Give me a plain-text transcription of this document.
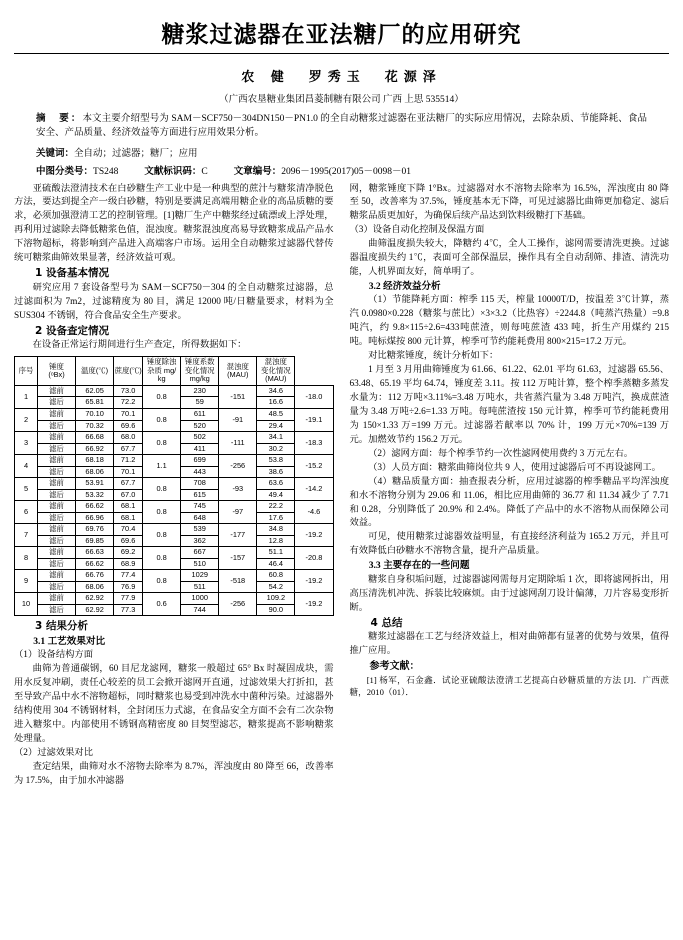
糖浆过滤器在亚法糖厂的应用研究
农 健　罗秀玉　花源泽
（广西农垦糖业集团昌菱制糖有限公司 广西 上思 535514）
摘　要：本文主要介绍型号为 SAM－SCF750－304DN150－PN1.0 的全自动糖浆过滤器在亚法糖厂的实际应用情况，去除杂质、节能降耗、食品安全、产品质量、经济效益等方面进行应用效果分析。
关键词：全自动；过滤器；糖厂；应用
中图分类号：TS248	文献标识码：C	文章编号：2096－1995(2017)05－0098－01

亚硫酸法澄清技术在白砂糖生产工业中是一种典型的蔗汁与糖浆清净脱色方法，要达到提全产一级白砂糖，特别是要满足高端用糖企业的高品质糖的要求，必须加强澄清工艺的控制管理。[1]糖厂生产中糖浆经过硫漂或上浮处理，再利用过滤除去降低糖浆色值，混浊度。糖浆混浊度高易导致糖浆成品产品水下溶物超标，将影响到产品进入高端客户市场。运用全自动糖浆过滤器代替传统可糖浆曲筛效果显著，经济效益可观。

1 设备基本情况

研究应用 7 套设备型号为 SAM－SCF750－304 的全自动糖浆过滤器，总过滤面积为 7m2，过滤精度为 80 目，满足 12000 吨/日糖量要求，材料为全 SUS304 不锈钢，符合食品安全生产要求。

2 设备查定情况

在设备正常运行期间进行生产查定，所得数据如下：

序号	锤度
(ᵒBx)	温度(℃)	蔗度(℃)	锤度除浊
杂质 mg/
kg	锤度系数
变化情况
mg/kg	混浊度
(MAU)	混浊度
变化情况
(MAU)	
1	滤前	62.05	73.0	0.8	230	-151	34.6	-18.0
	滤后	65.81	72.2		59		16.6	
2	滤前	70.10	70.1	0.8	611	-91	48.5	-19.1
	滤后	70.32	69.6		520		29.4	
3	滤前	66.68	68.0	0.8	502	-111	34.1	-18.3
	滤后	66.92	67.7		411		30.2	
4	滤前	68.18	71.2	1.1	699	-256	53.8	-15.2
	滤后	68.06	70.1		443		38.6	
5	滤前	53.91	67.7	0.8	708	-93	63.6	-14.2
	滤后	53.32	67.0		615		49.4	
6	滤前	66.62	68.1	0.8	745	-97	22.2	-4.6
	滤后	66.96	68.1		648		17.6	
7	滤前	69.76	70.4	0.8	539	-177	34.8	-19.2
	滤后	69.85	69.6		362		12.8	
8	滤前	66.63	69.2	0.8	667	-157	51.1	-20.8
	滤后	66.62	68.9		510		46.4	
9	滤前	66.76	77.4	0.8	1029	-518	60.8	-19.2
	滤后	68.06	76.9		511		54.2	
10	滤前	62.92	77.9	0.6	1000	-256	109.2	-19.2
	滤后	62.92	77.3		744		90.0	

3 结果分析

3.1 工艺效果对比

（1）设备结构方面

曲筛为普通碳钢，60 目尼龙滤网，糖浆一般超过 65° Bx 时凝固成块，需用水反复冲刷，责任心较差的员工会掀开滤网开直通，过滤效果大打折扣，甚至导致产品中水不溶物超标，同时糖浆也易受到冲洗水中菌种污染。过滤器外结构使用 304 不锈钢材料，全封闭压力式滤，在食品安全方面不会有二次杂物进入糖浆中。内部使用不锈钢高精密度 80 目契型滤芯，糖浆提高不影响糖浆处理量。

（2）过滤效果对比

查定结果，曲筛对水不溶物去除率为 8.7%，浑浊度由 80 降至 66，改善率为 17.5%，由于加水冲滤器

网，糖浆锤度下降 1°Bx。过滤器对水不溶物去除率为 16.5%，浑浊度由 80 降至 50，改善率为 37.5%，锤度基本无下降，可见过滤器比曲筛更加稳定、滤后糖浆品质更加好，为确保后续产品达到饮料级糖打下基础。

（3）设备自动化控制及保温方面

曲筛温度损失较大，降糖约 4℃，全人工操作，滤网需要清洗更换。过滤器温度损失约 1℃，表面可全部保温层，操作具有全自动刮筛、排渣、清洗功能，人机界面友好，简单明了。

3.2 经济效益分析

（1）节能降耗方面：榨季 115 天，榨量 10000T/D，按温差 3℃计算，蒸汽 0.0980×0.228（糖浆与蔗比）×3×3.2（比热容）÷2244.8（吨蒸汽热量）=9.8 吨汽，约 9.8×115÷2.6=433吨蔗渣，则每吨蔗渣 433 吨，折生产用煤约 215 吨。吨标煤按 800 元计算，榨季可节约能耗费用 800×215=17.2 万元。

对比糖浆锤度，统计分析如下：

1 月至 3 月用曲筛锤度为 61.66、61.22、62.01 平均 61.63，过滤器 65.56、63.48、65.19 平均 64.74，锤度差 3.11。按 112 万吨计算，整个榨季蒸糖多蒸发水量为：112 万吨×3.11%=3.48 万吨水，共省蒸汽量为 3.48 万吨汽，换成蔗渣量为 3.48 万吨÷2.6=1.33 万吨。每吨蔗渣按 150 元计算，榨季可节约能耗费用为 150×1.33 万=199 万元。过滤器若献率以 70% 计，199 万元×70%=139 万元。加燃效节约 156.2 万元。

（2）滤网方面：每个榨季节约一次性滤网使用费约 3 万元左右。

（3）人员方面：糖浆曲筛岗位共 9 人，使用过滤器后可不再设滤网工。

（4）糖品质量方面：抽查报表分析，应用过滤器的榨季糖品平均浑浊度和水不溶物分别为 29.06 和 11.06，相比应用曲筛的 36.77 和 11.34 减少了 7.71 和 0.28，分别降低了 20.9% 和 2.4%。降低了产品中的水不溶物从而保障公司效益。

可见，使用糖浆过滤器效益明显，有直接经济利益为 165.2 万元，并且可有效降低白砂糖水不溶物含量，提升产品质量。

3.3 主要存在的一些问题

糖浆自身积垢问题，过滤器滤网需每月定期除垢 1 次，即将滤网拆出，用高压清洗机冲洗、拆装比较麻烦。由于过滤网刮刀设计偏薄，刀片容易变形折断。

4 总结

糖浆过滤器在工艺与经济效益上，相对曲筛都有显著的优势与效果，值得推广应用。

参考文献：

[1] 杨军，石金鑫．试论亚硫酸法澄清工艺提高白砂糖质量的方法 [J]．广西蔗糖，2010（01）．
